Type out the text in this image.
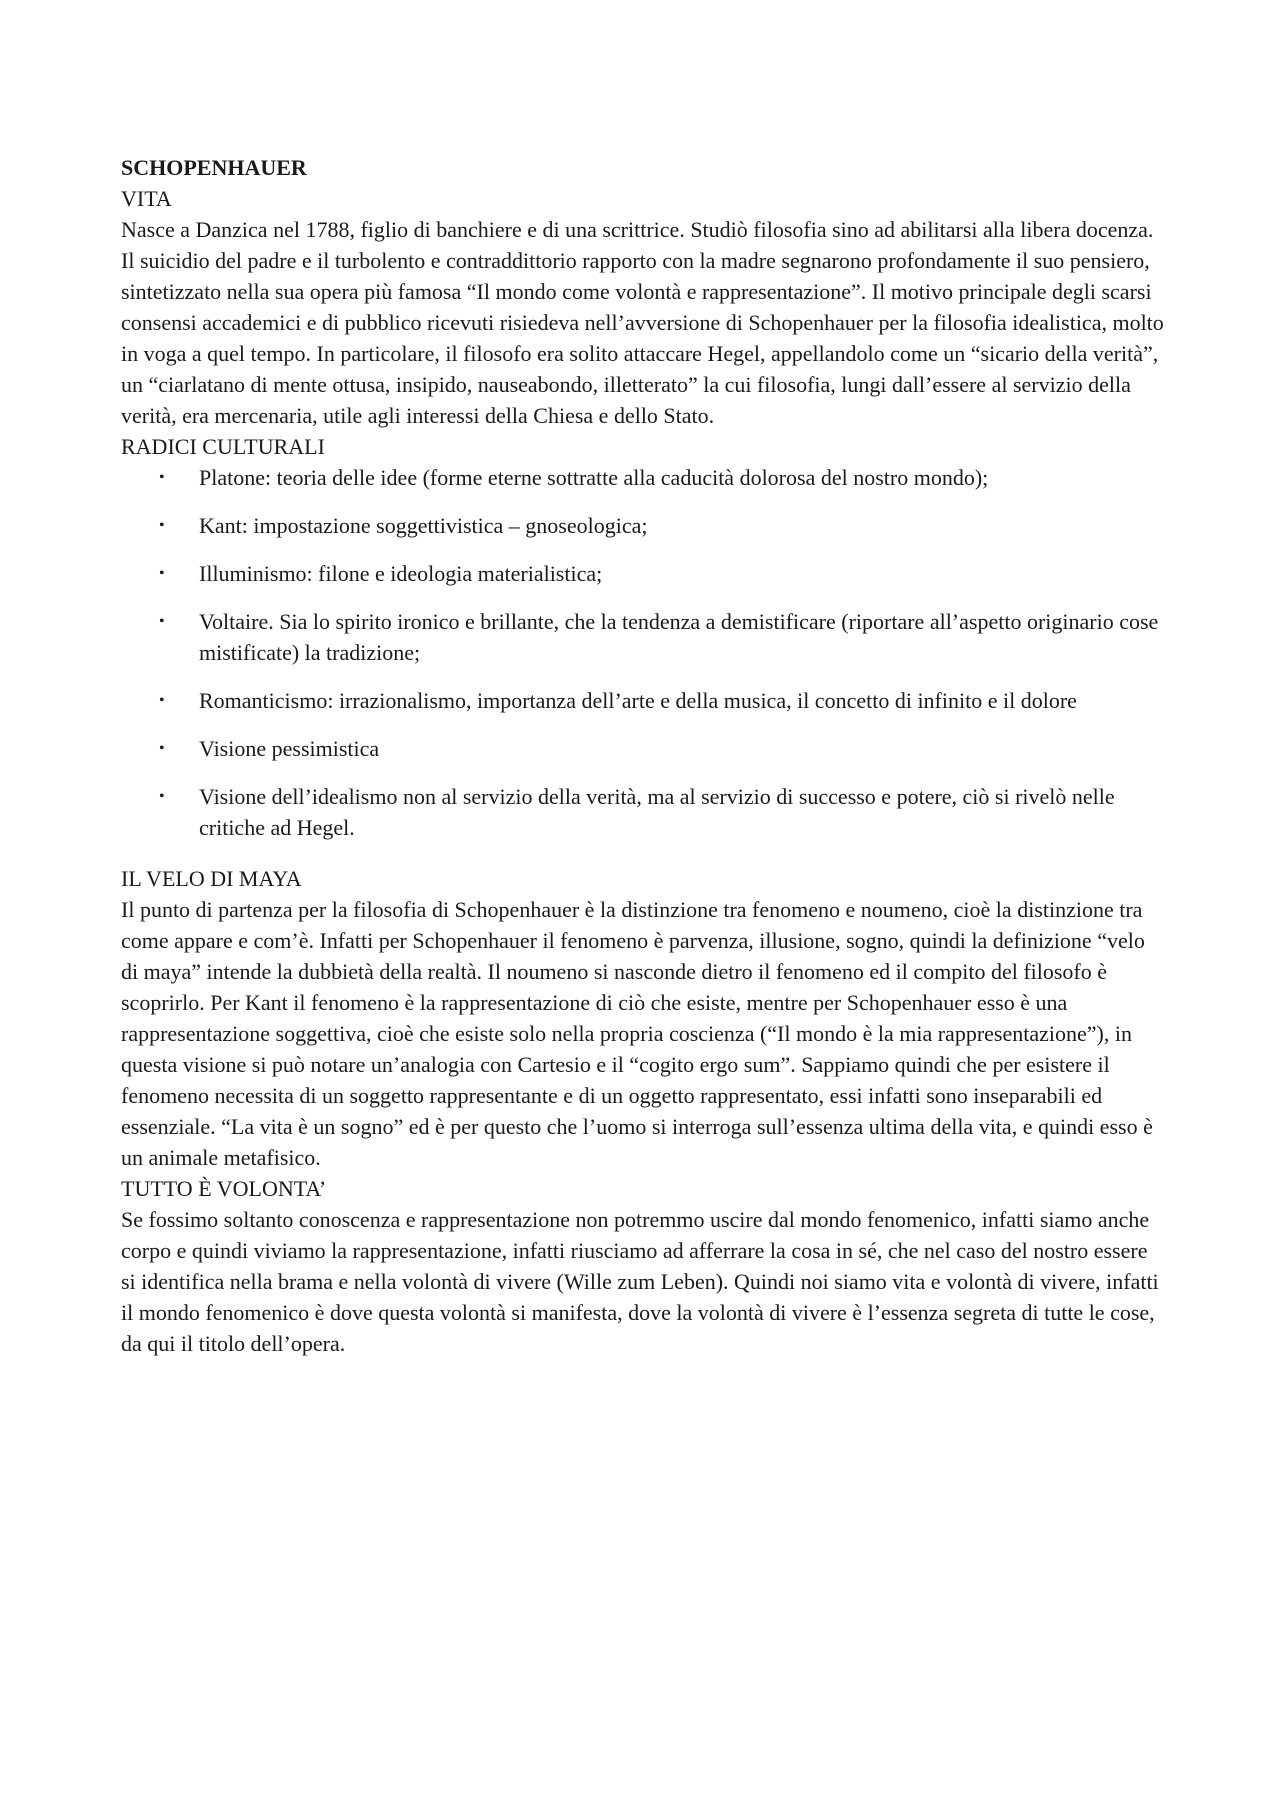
SCHOPENHAUER

VITA

Nasce a Danzica nel 1788, figlio di banchiere e di una scrittrice. Studiò filosofia sino ad abilitarsi alla libera docenza. Il suicidio del padre e il turbolento e contraddittorio rapporto con la madre segnarono profondamente il suo pensiero, sintetizzato nella sua opera più famosa “Il mondo come volontà e rappresentazione”. Il motivo principale degli scarsi consensi accademici e di pubblico ricevuti risiedeva nell’avversione di Schopenhauer per la filosofia idealistica, molto in voga a quel tempo. In particolare, il filosofo era solito attaccare Hegel, appellandolo come un “sicario della verità”, un “ciarlatano di mente ottusa, insipido, nauseabondo, illetterato” la cui filosofia, lungi dall’essere al servizio della verità, era mercenaria, utile agli interessi della Chiesa e dello Stato.

RADICI CULTURALI

• Platone: teoria delle idee (forme eterne sottratte alla caducità dolorosa del nostro mondo);
• Kant: impostazione soggettivistica – gnoseologica;
• Illuminismo: filone e ideologia materialistica;
• Voltaire. Sia lo spirito ironico e brillante, che la tendenza a demistificare (riportare all’aspetto originario cose mistificate) la tradizione;
• Romanticismo: irrazionalismo, importanza dell’arte e della musica, il concetto di infinito e il dolore
• Visione pessimistica
• Visione dell’idealismo non al servizio della verità, ma al servizio di successo e potere, ciò si rivelò nelle critiche ad Hegel.

IL VELO DI MAYA

Il punto di partenza per la filosofia di Schopenhauer è la distinzione tra fenomeno e noumeno, cioè la distinzione tra come appare e com’è. Infatti per Schopenhauer il fenomeno è parvenza, illusione, sogno, quindi la definizione “velo di maya” intende la dubbietà della realtà. Il noumeno si nasconde dietro il fenomeno ed il compito del filosofo è scoprirlo. Per Kant il fenomeno è la rappresentazione di ciò che esiste, mentre per Schopenhauer esso è una rappresentazione soggettiva, cioè che esiste solo nella propria coscienza (“Il mondo è la mia rappresentazione”), in questa visione si può notare un’analogia con Cartesio e il “cogito ergo sum”. Sappiamo quindi che per esistere il fenomeno necessita di un soggetto rappresentante e di un oggetto rappresentato, essi infatti sono inseparabili ed essenziale. “La vita è un sogno” ed è per questo che l’uomo si interroga sull’essenza ultima della vita, e quindi esso è un animale metafisico.

TUTTO È VOLONTA’

Se fossimo soltanto conoscenza e rappresentazione non potremmo uscire dal mondo fenomenico, infatti siamo anche corpo e quindi viviamo la rappresentazione, infatti riusciamo ad afferrare la cosa in sé, che nel caso del nostro essere si identifica nella brama e nella volontà di vivere (Wille zum Leben). Quindi noi siamo vita e volontà di vivere, infatti il mondo fenomenico è dove questa volontà si manifesta, dove la volontà di vivere è l’essenza segreta di tutte le cose, da qui il titolo dell’opera.
